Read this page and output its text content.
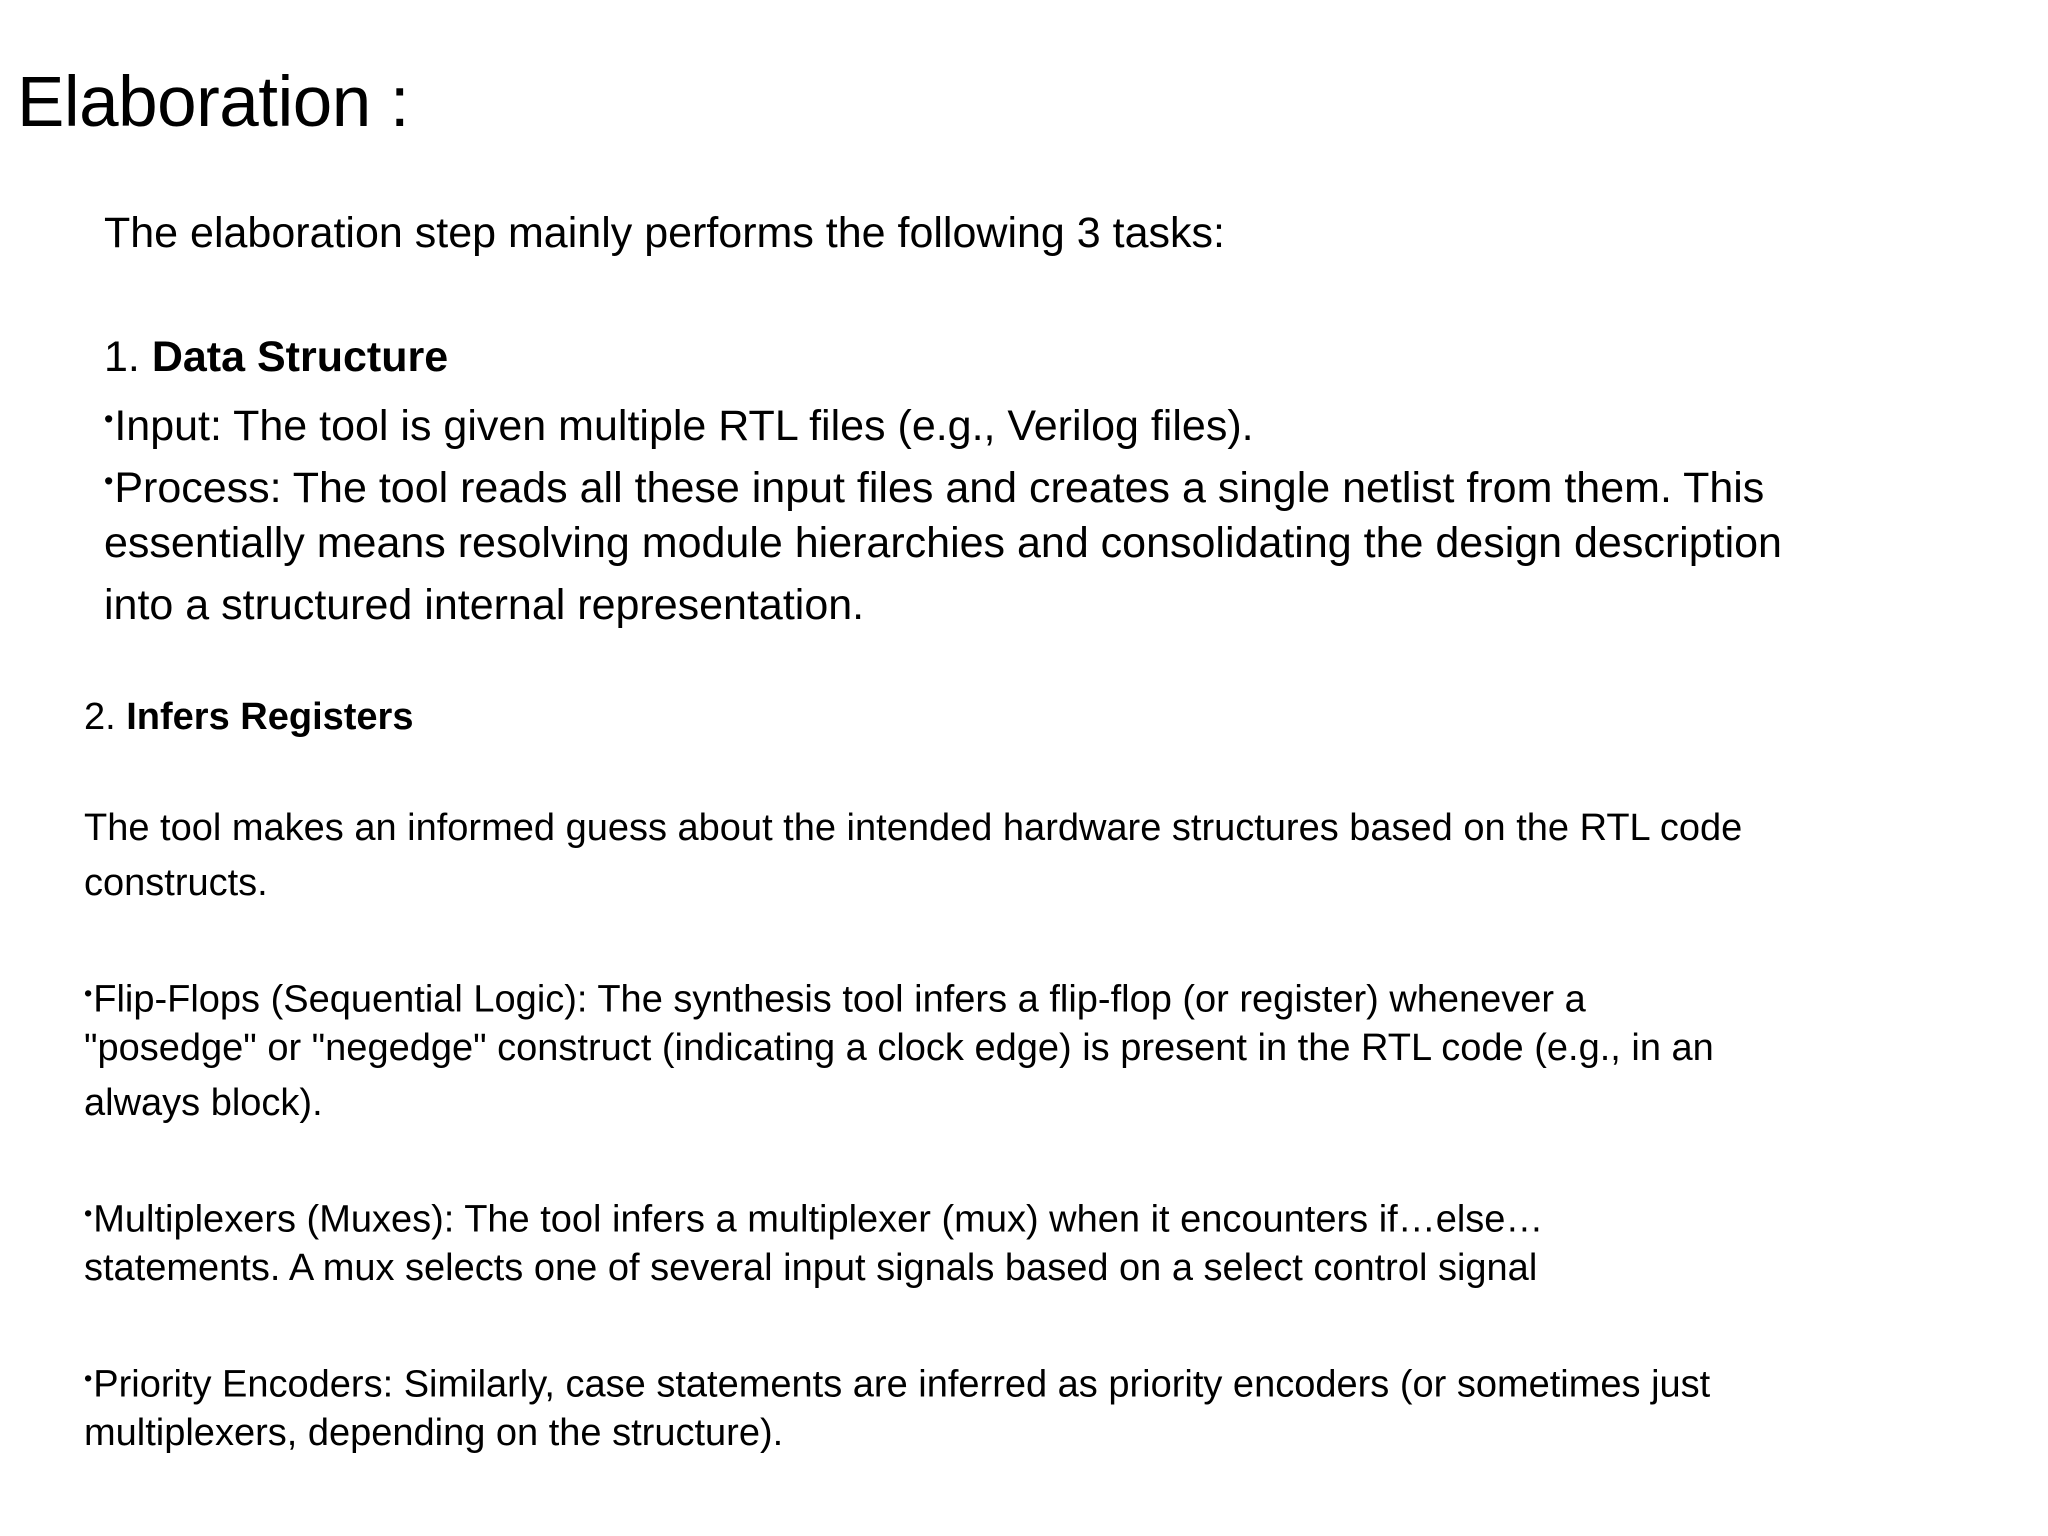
Elaboration :
The elaboration step mainly performs the following 3 tasks:
1. Data Structure
•Input: The tool is given multiple RTL files (e.g., Verilog files).
•Process: The tool reads all these input files and creates a single netlist from them. This
essentially means resolving module hierarchies and consolidating the design description
into a structured internal representation.
2. Infers Registers
The tool makes an informed guess about the intended hardware structures based on the RTL code
constructs.
•Flip-Flops (Sequential Logic): The synthesis tool infers a flip-flop (or register) whenever a
"posedge" or "negedge" construct (indicating a clock edge) is present in the RTL code (e.g., in an
always block).
•Multiplexers (Muxes): The tool infers a multiplexer (mux) when it encounters if…else…
statements. A mux selects one of several input signals based on a select control signal
•Priority Encoders: Similarly, case statements are inferred as priority encoders (or sometimes just
multiplexers, depending on the structure).
